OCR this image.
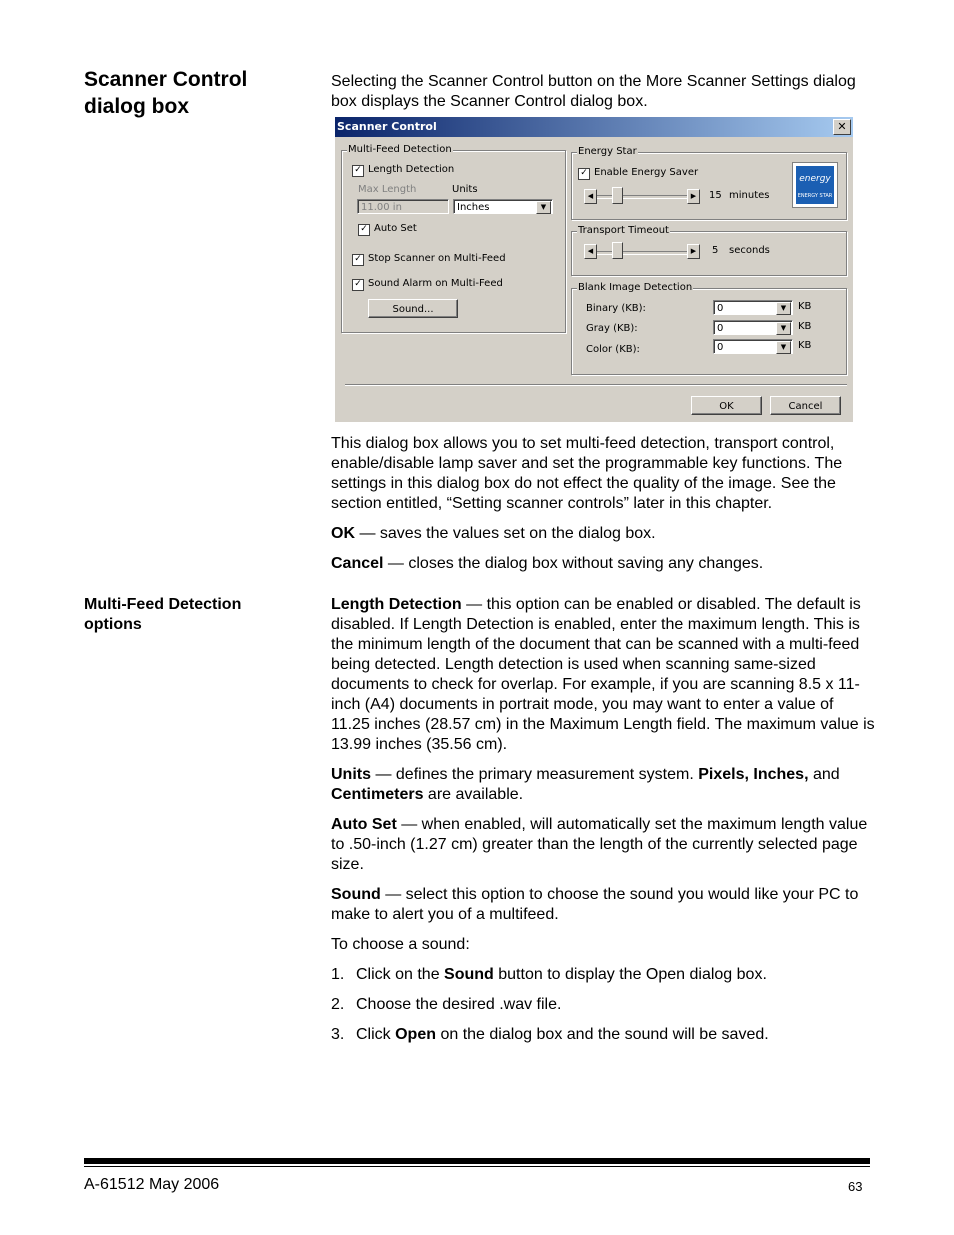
Scanner Control
dialog box

Selecting the Scanner Control button on the More Scanner Settings dialog box displays the Scanner Control dialog box.

Scanner Control	✕
Multi-Feed Detection
✓ Length Detection
Max Length	Units
11.00 in	Inches	▼
✓ Auto Set
✓ Stop Scanner on Multi-Feed
✓ Sound Alarm on Multi-Feed
Sound...
Energy Star
✓ Enable Energy Saver
◀	▶	15 minutes
energy
ENERGY STAR
Transport Timeout
◀	▶	5 seconds
Blank Image Detection
Binary (KB):	0	▼	KB
Gray (KB):	0	▼	KB
Color (KB):	0	▼	KB
OK	Cancel

This dialog box allows you to set multi-feed detection, transport control, enable/disable lamp saver and set the programmable key functions. The settings in this dialog box do not effect the quality of the image. See the section entitled, “Setting scanner controls” later in this chapter.

OK — saves the values set on the dialog box.

Cancel — closes the dialog box without saving any changes.

Multi-Feed Detection
options

Length Detection — this option can be enabled or disabled. The default is disabled. If Length Detection is enabled, enter the maximum length. This is the minimum length of the document that can be scanned with a multi-feed being detected. Length detection is used when scanning same-sized documents to check for overlap. For example, if you are scanning 8.5 x 11-inch (A4) documents in portrait mode, you may want to enter a value of 11.25 inches (28.57 cm) in the Maximum Length field. The maximum value is 13.99 inches (35.56 cm).

Units — defines the primary measurement system. Pixels, Inches, and Centimeters are available.

Auto Set — when enabled, will automatically set the maximum length value to .50-inch (1.27 cm) greater than the length of the currently selected page size.

Sound — select this option to choose the sound you would like your PC to make to alert you of a multifeed.

To choose a sound:

1. Click on the Sound button to display the Open dialog box.

2. Choose the desired .wav file.

3. Click Open on the dialog box and the sound will be saved.

A-61512 May 2006	63
